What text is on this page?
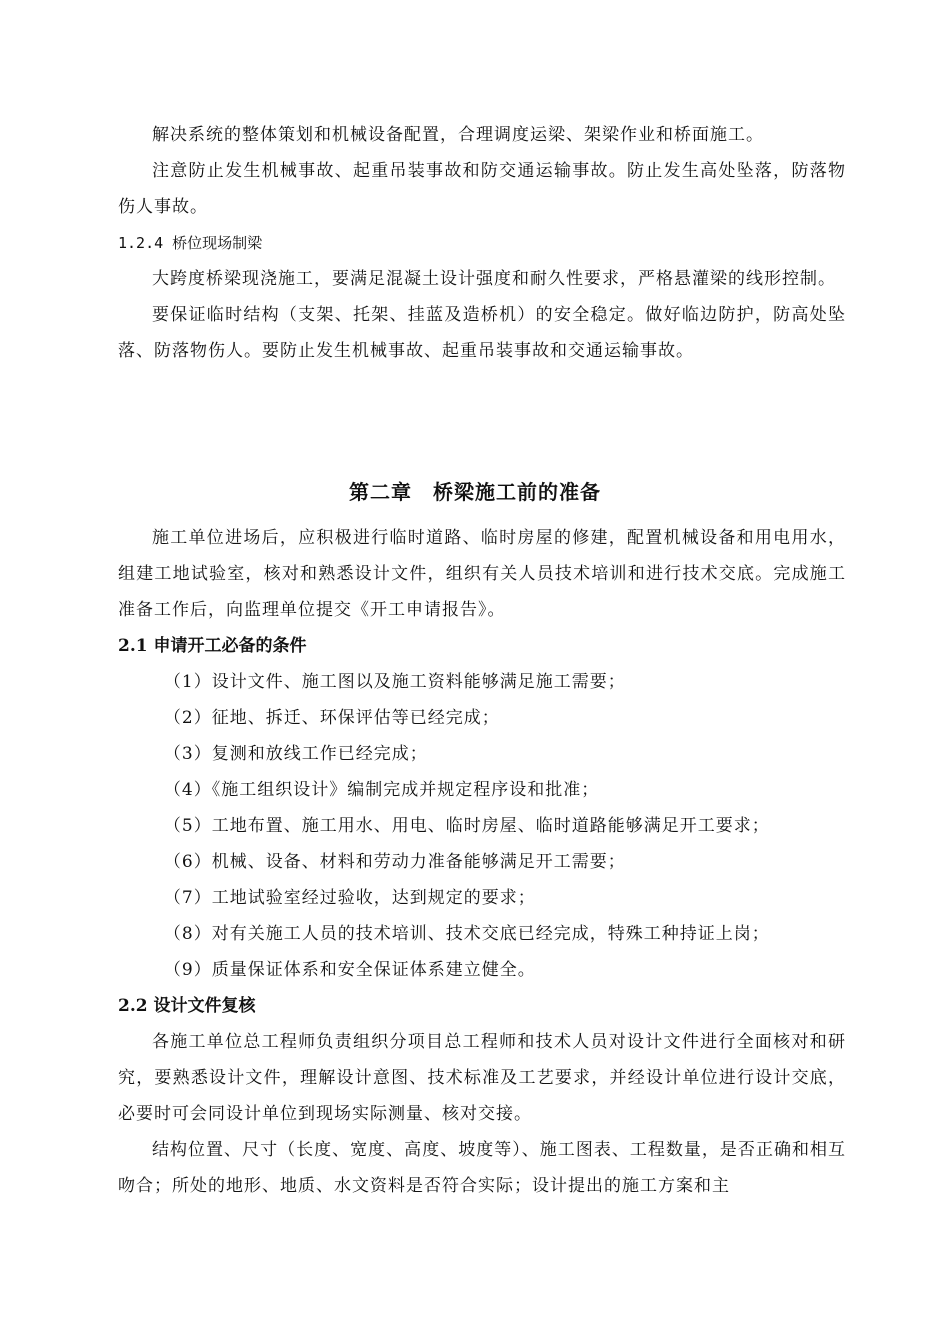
解决系统的整体策划和机械设备配置，合理调度运梁、架梁作业和桥面施工。

注意防止发生机械事故、起重吊装事故和防交通运输事故。防止发生高处坠落，防落物伤人事故。

1.2.4 桥位现场制梁

大跨度桥梁现浇施工，要满足混凝土设计强度和耐久性要求，严格悬灌梁的线形控制。

要保证临时结构（支架、托架、挂蓝及造桥机）的安全稳定。做好临边防护，防高处坠落、防落物伤人。要防止发生机械事故、起重吊装事故和交通运输事故。

第二章　桥梁施工前的准备

施工单位进场后，应积极进行临时道路、临时房屋的修建，配置机械设备和用电用水，组建工地试验室，核对和熟悉设计文件，组织有关人员技术培训和进行技术交底。完成施工准备工作后，向监理单位提交《开工申请报告》。

2.1 申请开工必备的条件

（1）设计文件、施工图以及施工资料能够满足施工需要；

（2）征地、拆迁、环保评估等已经完成；

（3）复测和放线工作已经完成；

（4）《施工组织设计》编制完成并规定程序设和批准；

（5）工地布置、施工用水、用电、临时房屋、临时道路能够满足开工要求；

（6）机械、设备、材料和劳动力准备能够满足开工需要；

（7）工地试验室经过验收，达到规定的要求；

（8）对有关施工人员的技术培训、技术交底已经完成，特殊工种持证上岗；

（9）质量保证体系和安全保证体系建立健全。

2.2 设计文件复核

各施工单位总工程师负责组织分项目总工程师和技术人员对设计文件进行全面核对和研究，要熟悉设计文件，理解设计意图、技术标准及工艺要求，并经设计单位进行设计交底，必要时可会同设计单位到现场实际测量、核对交接。

结构位置、尺寸（长度、宽度、高度、坡度等）、施工图表、工程数量，是否正确和相互吻合；所处的地形、地质、水文资料是否符合实际；设计提出的施工方案和主
